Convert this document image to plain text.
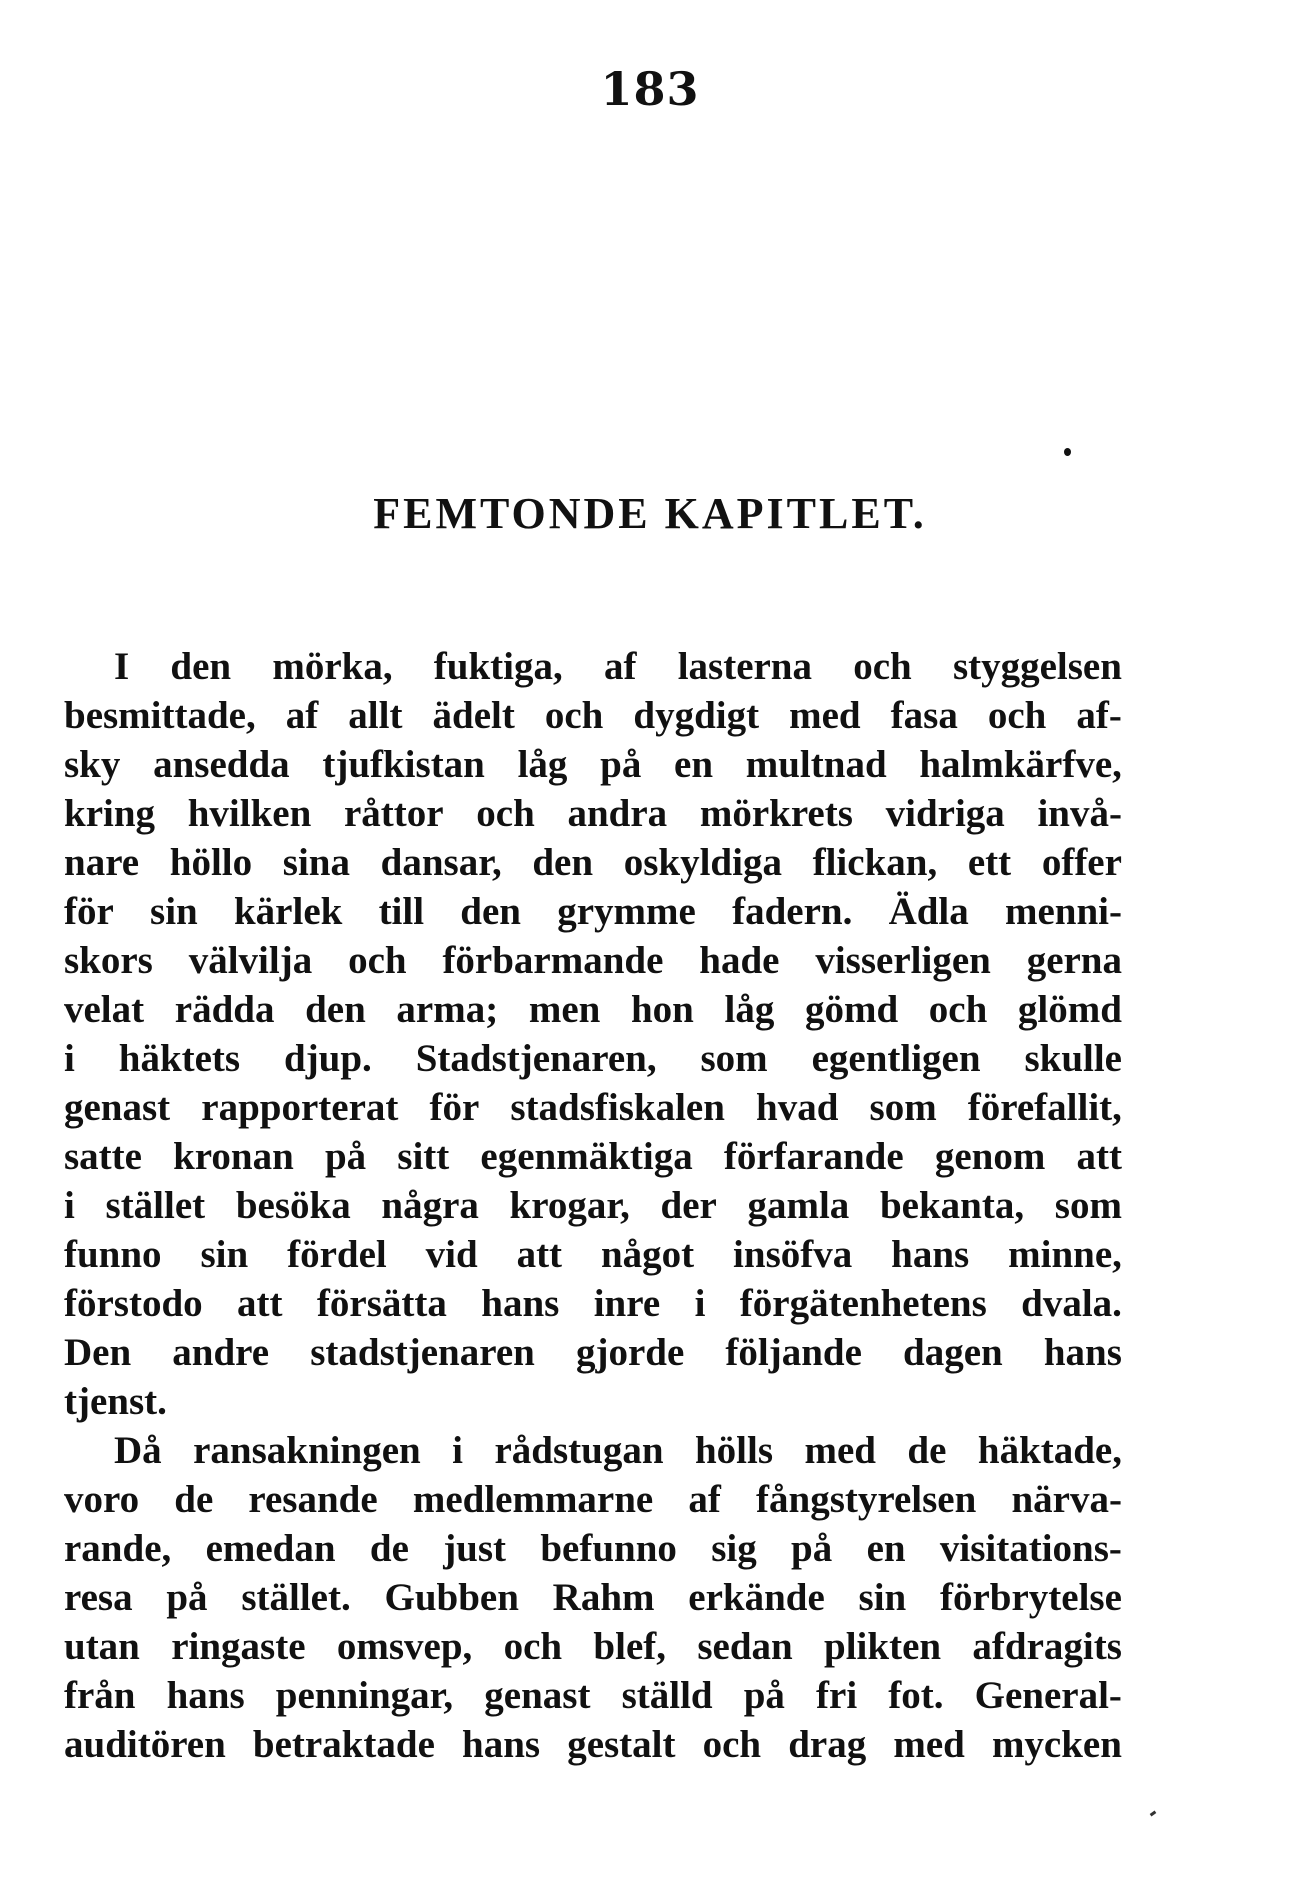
183
FEMTONDE KAPITLET.
I den mörka, fuktiga, af lasterna och styggelsen
besmittade, af allt ädelt och dygdigt med fasa och af-
sky ansedda tjufkistan låg på en multnad halmkärfve,
kring hvilken råttor och andra mörkrets vidriga invå-
nare höllo sina dansar, den oskyldiga flickan, ett offer
för sin kärlek till den grymme fadern. Ädla menni-
skors välvilja och förbarmande hade visserligen gerna
velat rädda den arma; men hon låg gömd och glömd
i häktets djup. Stadstjenaren, som egentligen skulle
genast rapporterat för stadsfiskalen hvad som förefallit,
satte kronan på sitt egenmäktiga förfarande genom att
i stället besöka några krogar, der gamla bekanta, som
funno sin fördel vid att något insöfva hans minne,
förstodo att försätta hans inre i förgätenhetens dvala.
Den andre stadstjenaren gjorde följande dagen hans
tjenst.
Då ransakningen i rådstugan hölls med de häktade,
voro de resande medlemmarne af fångstyrelsen närva-
rande, emedan de just befunno sig på en visitations-
resa på stället. Gubben Rahm erkände sin förbrytelse
utan ringaste omsvep, och blef, sedan plikten afdragits
från hans penningar, genast ställd på fri fot. General-
auditören betraktade hans gestalt och drag med mycken
